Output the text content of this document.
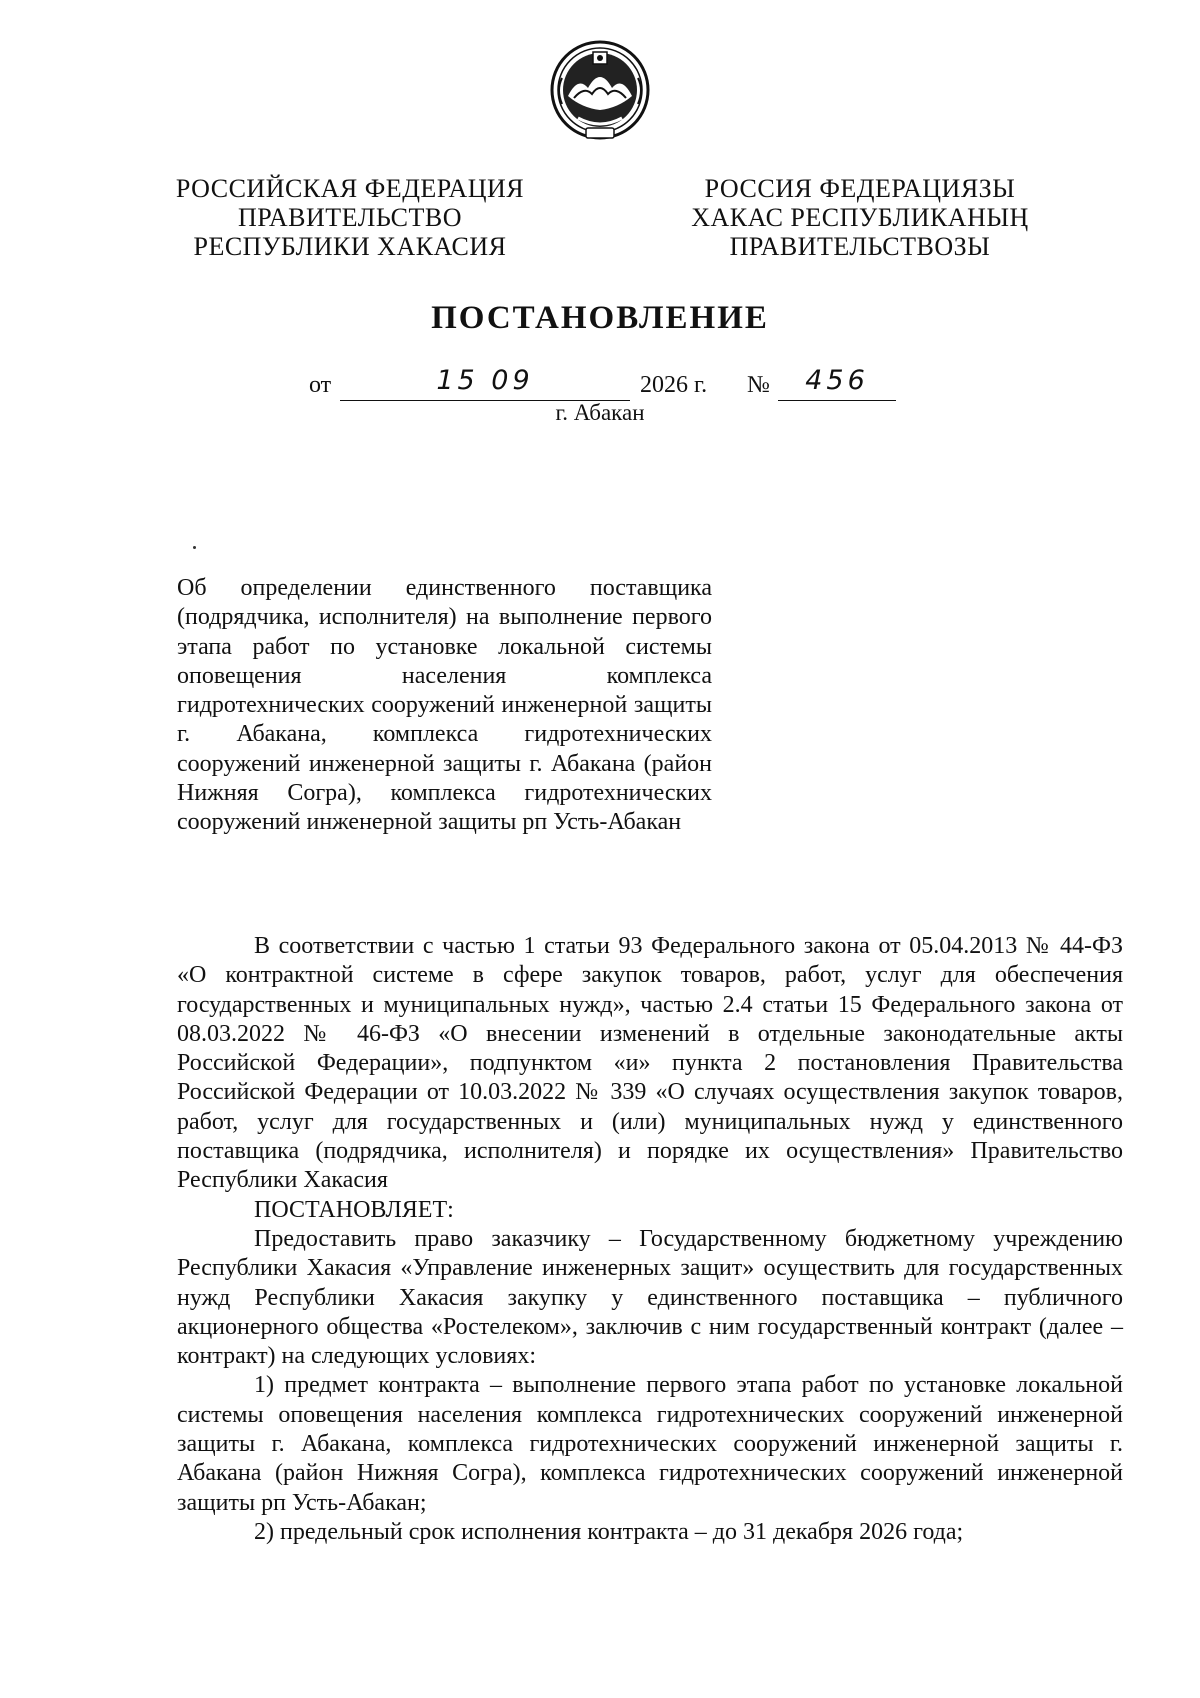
РОССИЙСКАЯ ФЕДЕРАЦИЯ
ПРАВИТЕЛЬСТВО
РЕСПУБЛИКИ ХАКАСИЯ
РОССИЯ ФЕДЕРАЦИЯЗЫ
ХАКАС РЕСПУБЛИКАНЫҢ
ПРАВИТЕЛЬСТВОЗЫ
ПОСТАНОВЛЕНИЕ
от	15 09	2026 г. №	456
г. Абакан
Об определении единственного поставщика (подрядчика, исполнителя) на выполнение первого этапа работ по установке локальной системы оповещения населения комплекса гидротехнических сооружений инженерной защиты г. Абакана, комплекса гидротехнических сооружений инженерной защиты г. Абакана (район Нижняя Согра), комплекса гидротехнических сооружений инженерной защиты рп Усть-Абакан

В соответствии с частью 1 статьи 93 Федерального закона от 05.04.2013 № 44-ФЗ «О контрактной системе в сфере закупок товаров, работ, услуг для обеспечения государственных и муниципальных нужд», частью 2.4 статьи 15 Федерального закона от 08.03.2022 № 46-ФЗ «О внесении изменений в отдельные законодательные акты Российской Федерации», подпунктом «и» пункта 2 постановления Правительства Российской Федерации от 10.03.2022 № 339 «О случаях осуществления закупок товаров, работ, услуг для государственных и (или) муниципальных нужд у единственного поставщика (подрядчика, исполнителя) и порядке их осуществления» Правительство Республики Хакасия
ПОСТАНОВЛЯЕТ:

Предоставить право заказчику – Государственному бюджетному учреждению Республики Хакасия «Управление инженерных защит» осуществить для государственных нужд Республики Хакасия закупку у единственного поставщика – публичного акционерного общества «Ростелеком», заключив с ним государственный контракт (далее – контракт) на следующих условиях:

1) предмет контракта – выполнение первого этапа работ по установке локальной системы оповещения населения комплекса гидротехнических сооружений инженерной защиты г. Абакана, комплекса гидротехнических сооружений инженерной защиты г. Абакана (район Нижняя Согра), комплекса гидротехнических сооружений инженерной защиты рп Усть-Абакан;

2) предельный срок исполнения контракта – до 31 декабря 2026 года;
